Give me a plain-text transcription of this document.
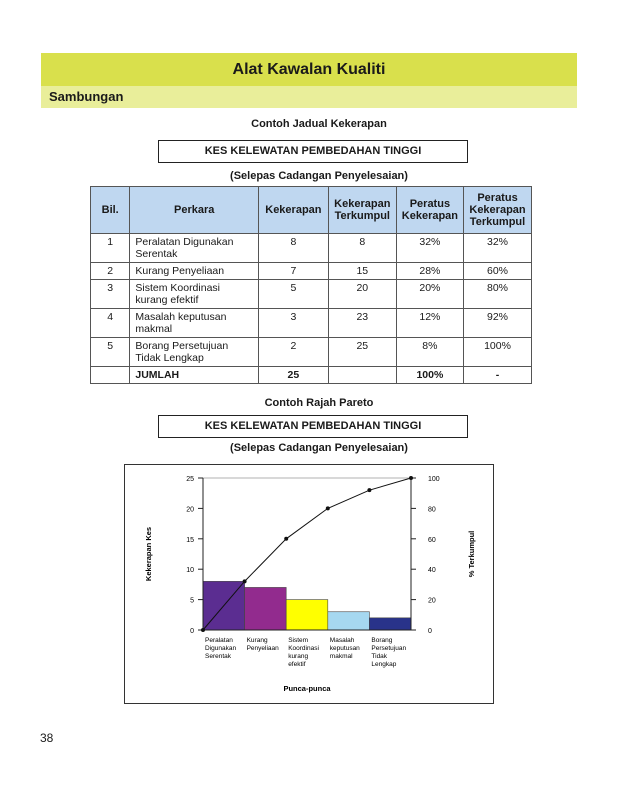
Alat Kawalan Kualiti
Sambungan
Contoh Jadual Kekerapan
KES KELEWATAN PEMBEDAHAN TINGGI
(Selepas Cadangan Penyelesaian)
Bil.	Perkara	Kekerapan	Kekerapan Terkumpul	Peratus Kekerapan	Peratus Kekerapan Terkumpul
1	Peralatan Digunakan Serentak	8	8	32%	32%
2	Kurang Penyeliaan	7	15	28%	60%
3	Sistem Koordinasi kurang efektif	5	20	20%	80%
4	Masalah keputusan makmal	3	23	12%	92%
5	Borang Persetujuan Tidak Lengkap	2	25	8%	100%
	JUMLAH	25		100%	-
Contoh Rajah Pareto
KES KELEWATAN PEMBEDAHAN TINGGI
(Selepas Cadangan Penyelesaian)
0
5
10
15
20
25
0
20
40
60
80
100
Peralatan Digunakan Serentak
Kurang Penyeliaan
Sistem Koordinasi kurang efektif
Masalah keputusan makmal
Borang Persetujuan Tidak Lengkap
Punca-punca
Kekerapan Kes	% Terkumpul
38
